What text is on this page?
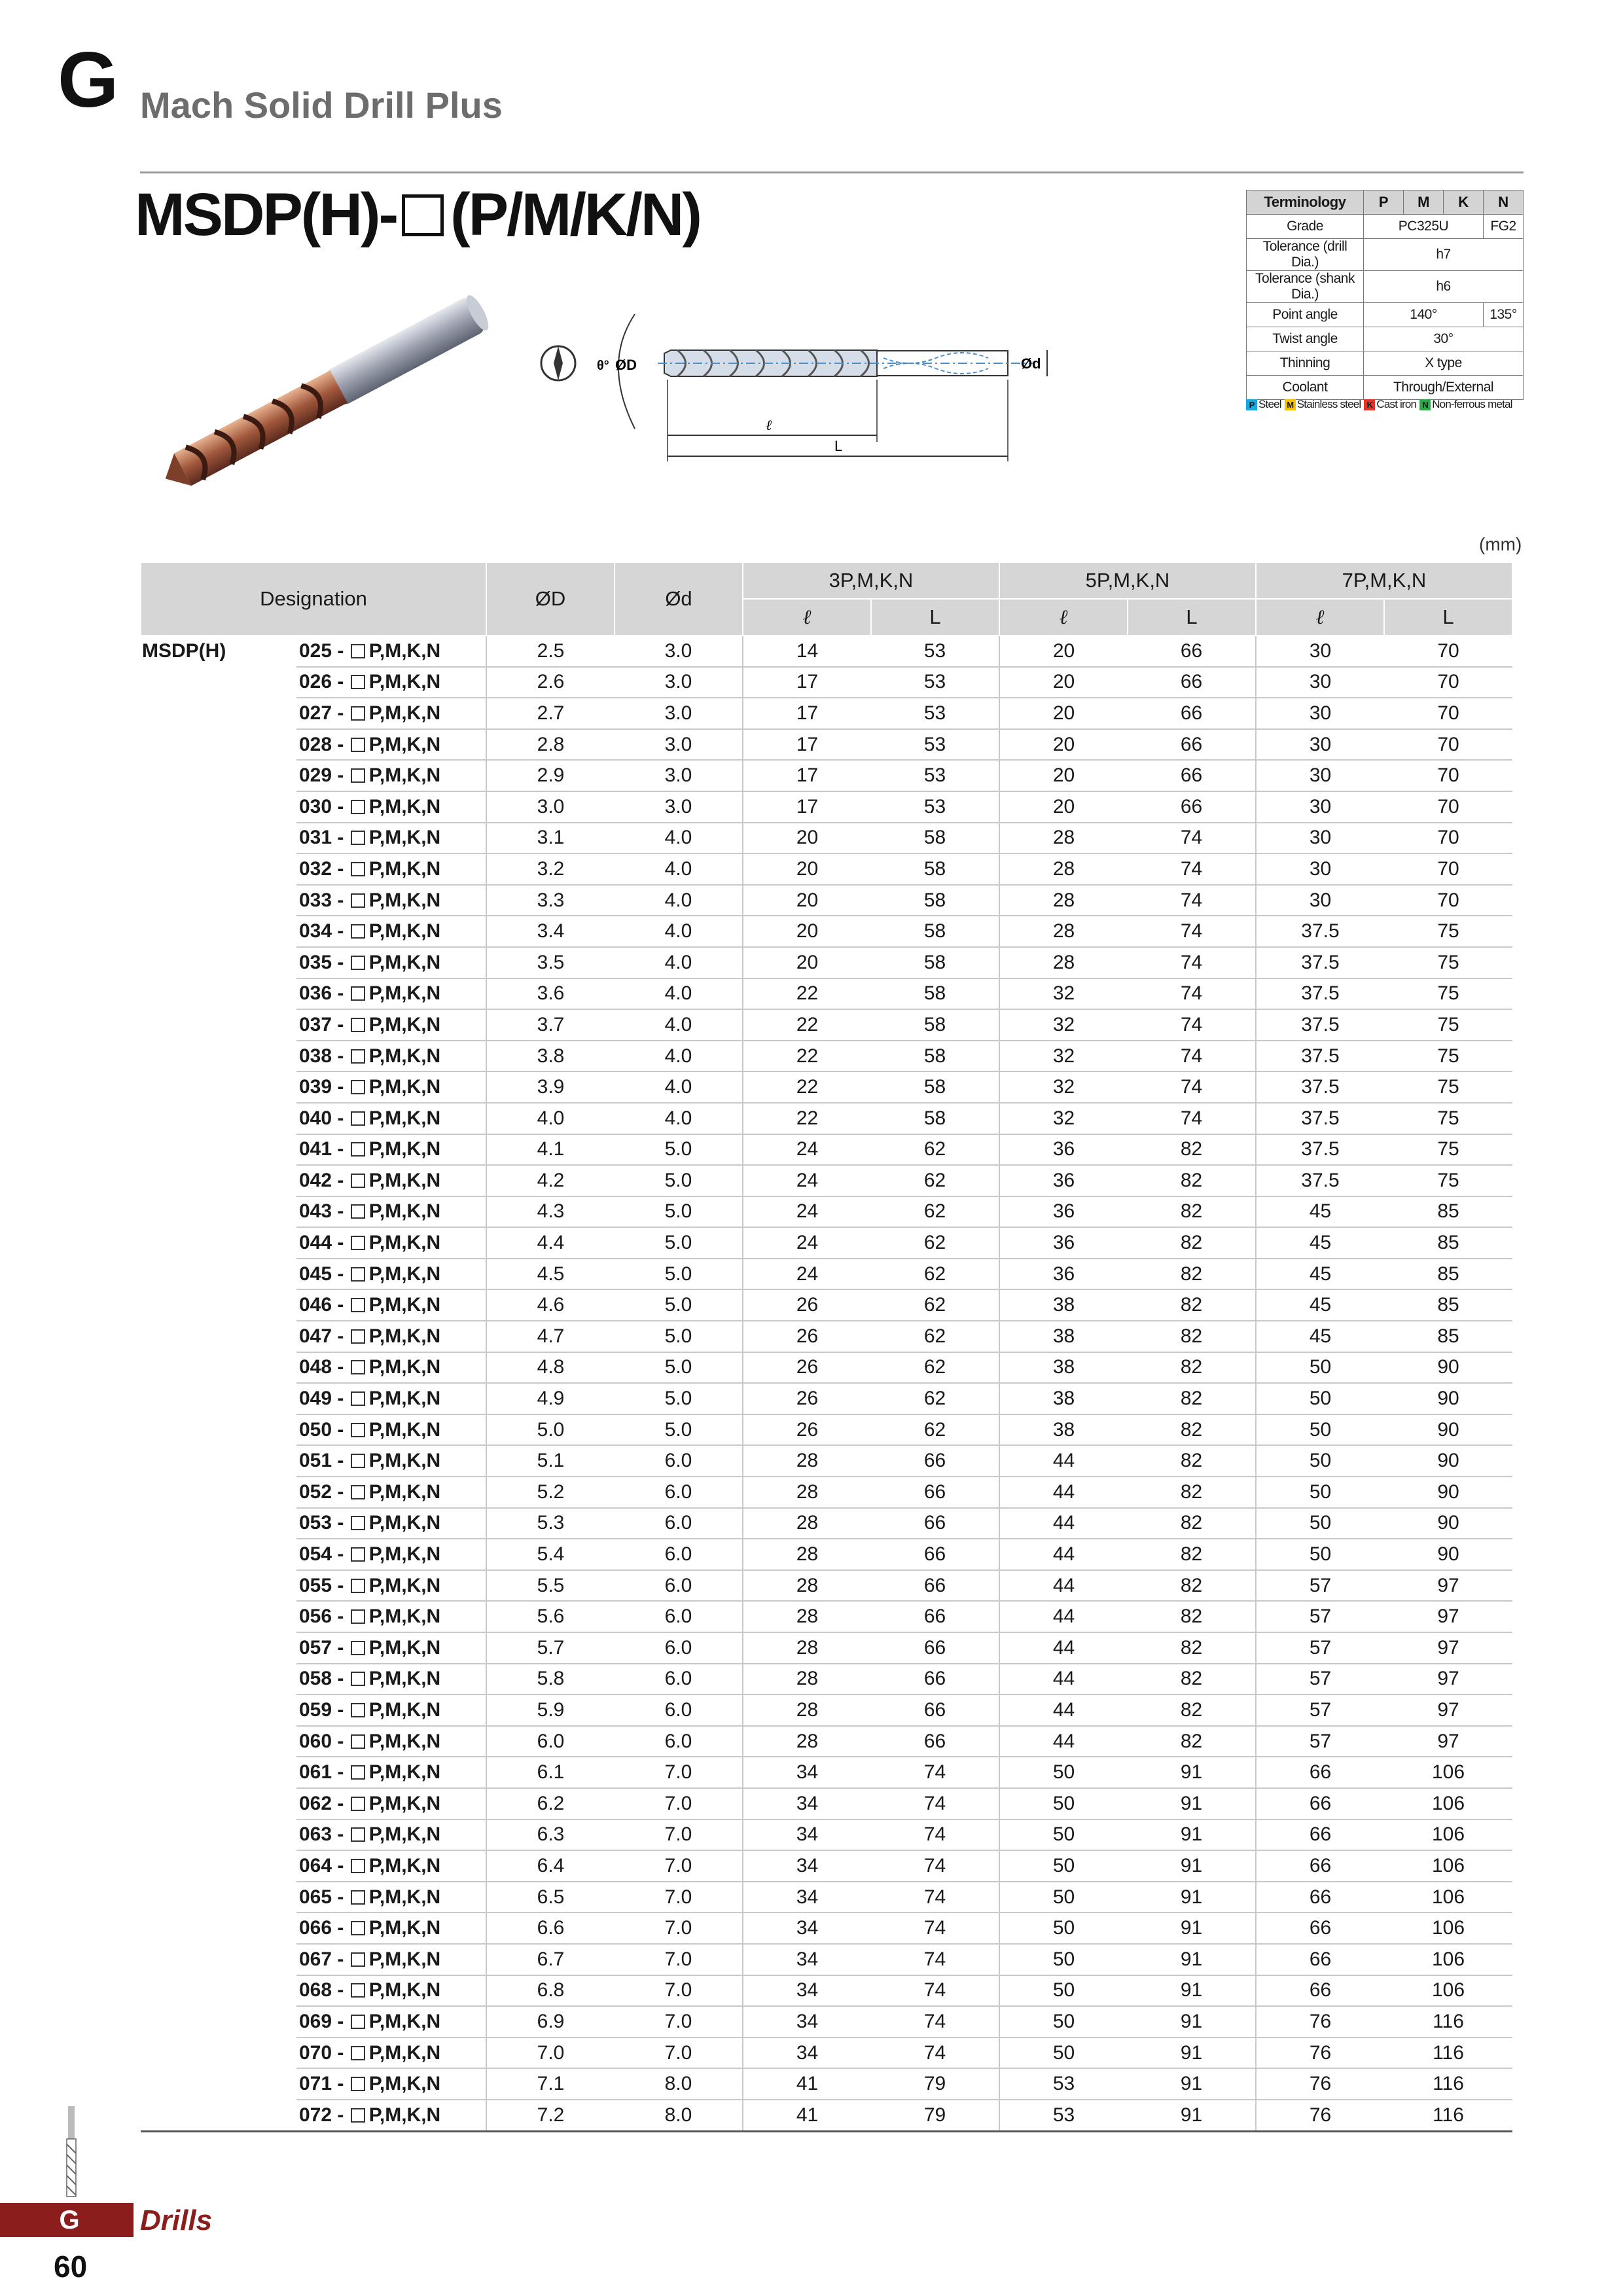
G Mach Solid Drill Plus
MSDP(H)- (P/M/K/N)
θ° ØD	Ød
ℓ
L
Terminology	P	M	K	N
Grade	PC325U			FG2
Tolerance (drill Dia.)	h7			
Tolerance (shank Dia.)	h6			
Point angle	140°			135°
Twist angle	30°			
Thinning	X type			
Coolant	Through/External			
P Steel M Stainless steel K Cast iron N Non-ferrous metal
(mm)
Designation		ØD	Ød	3P,M,K,N		5P,M,K,N		7P,M,K,N	
				ℓ	L	ℓ	L	ℓ	L
MSDP(H)	025 - P,M,K,N	2.5	3.0	14	53	20	66	30	70
	026 - P,M,K,N	2.6	3.0	17	53	20	66	30	70
	027 - P,M,K,N	2.7	3.0	17	53	20	66	30	70
	028 - P,M,K,N	2.8	3.0	17	53	20	66	30	70
	029 - P,M,K,N	2.9	3.0	17	53	20	66	30	70
	030 - P,M,K,N	3.0	3.0	17	53	20	66	30	70
	031 - P,M,K,N	3.1	4.0	20	58	28	74	30	70
	032 - P,M,K,N	3.2	4.0	20	58	28	74	30	70
	033 - P,M,K,N	3.3	4.0	20	58	28	74	30	70
	034 - P,M,K,N	3.4	4.0	20	58	28	74	37.5	75
	035 - P,M,K,N	3.5	4.0	20	58	28	74	37.5	75
	036 - P,M,K,N	3.6	4.0	22	58	32	74	37.5	75
	037 - P,M,K,N	3.7	4.0	22	58	32	74	37.5	75
	038 - P,M,K,N	3.8	4.0	22	58	32	74	37.5	75
	039 - P,M,K,N	3.9	4.0	22	58	32	74	37.5	75
	040 - P,M,K,N	4.0	4.0	22	58	32	74	37.5	75
	041 - P,M,K,N	4.1	5.0	24	62	36	82	37.5	75
	042 - P,M,K,N	4.2	5.0	24	62	36	82	37.5	75
	043 - P,M,K,N	4.3	5.0	24	62	36	82	45	85
	044 - P,M,K,N	4.4	5.0	24	62	36	82	45	85
	045 - P,M,K,N	4.5	5.0	24	62	36	82	45	85
	046 - P,M,K,N	4.6	5.0	26	62	38	82	45	85
	047 - P,M,K,N	4.7	5.0	26	62	38	82	45	85
	048 - P,M,K,N	4.8	5.0	26	62	38	82	50	90
	049 - P,M,K,N	4.9	5.0	26	62	38	82	50	90
	050 - P,M,K,N	5.0	5.0	26	62	38	82	50	90
	051 - P,M,K,N	5.1	6.0	28	66	44	82	50	90
	052 - P,M,K,N	5.2	6.0	28	66	44	82	50	90
	053 - P,M,K,N	5.3	6.0	28	66	44	82	50	90
	054 - P,M,K,N	5.4	6.0	28	66	44	82	50	90
	055 - P,M,K,N	5.5	6.0	28	66	44	82	57	97
	056 - P,M,K,N	5.6	6.0	28	66	44	82	57	97
	057 - P,M,K,N	5.7	6.0	28	66	44	82	57	97
	058 - P,M,K,N	5.8	6.0	28	66	44	82	57	97
	059 - P,M,K,N	5.9	6.0	28	66	44	82	57	97
	060 - P,M,K,N	6.0	6.0	28	66	44	82	57	97
	061 - P,M,K,N	6.1	7.0	34	74	50	91	66	106
	062 - P,M,K,N	6.2	7.0	34	74	50	91	66	106
	063 - P,M,K,N	6.3	7.0	34	74	50	91	66	106
	064 - P,M,K,N	6.4	7.0	34	74	50	91	66	106
	065 - P,M,K,N	6.5	7.0	34	74	50	91	66	106
	066 - P,M,K,N	6.6	7.0	34	74	50	91	66	106
	067 - P,M,K,N	6.7	7.0	34	74	50	91	66	106
	068 - P,M,K,N	6.8	7.0	34	74	50	91	66	106
	069 - P,M,K,N	6.9	7.0	34	74	50	91	76	116
	070 - P,M,K,N	7.0	7.0	34	74	50	91	76	116
	071 - P,M,K,N	7.1	8.0	41	79	53	91	76	116
	072 - P,M,K,N	7.2	8.0	41	79	53	91	76	116
G	Drills
60
